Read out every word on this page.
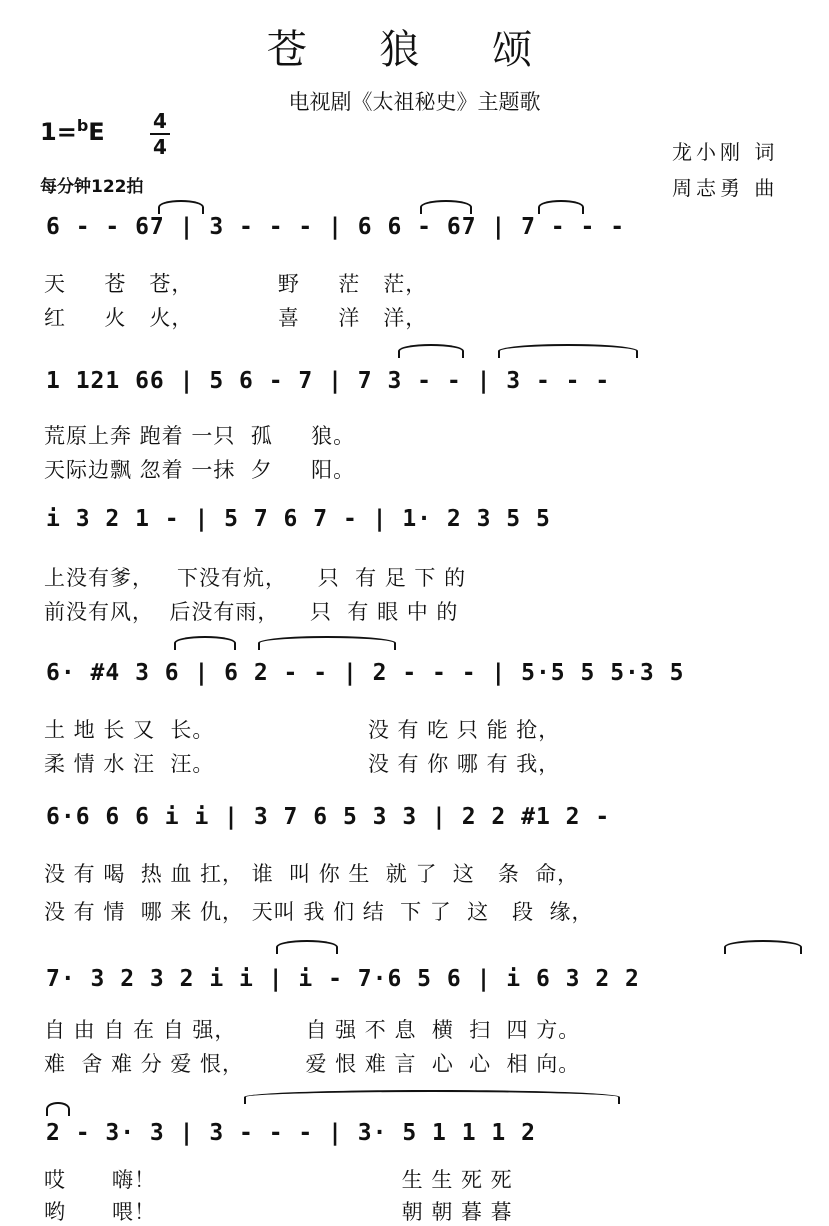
苍 狼 颂
电视剧《太祖秘史》主题歌
1=$^b$E 4
4
每分钟122拍
龙小刚 词
周志勇 曲
6 - - 67 | 3 - - - | 6 6 - 67 | 7 - - -
天     苍   苍，           野     茫   茫，
红     火   火，           喜     洋   洋，
1 121 66 | 5 6 - 7 | 7 3 - - | 3 - - -
荒原上奔 跑着 一只  孤     狼。
天际边飘 忽着 一抹  夕     阳。
i 3 2 1 - | 5 7 6 7 - | 1· 2 3 5 5
上没有爹，   下没有炕，    只  有 足 下 的
前没有风，  后没有雨，    只  有 眼 中 的
6· #4 3 6 | 6 2 - - | 2 - - - | 5·5 5 5·3 5
土 地 长 又  长。                    没 有 吃 只 能 抢，
柔 情 水 汪  汪。                    没 有 你 哪 有 我，
6·6 6 6 i i | 3 7 6 5 3 3 | 2 2 #1 2 -
没 有 喝  热 血 扛， 谁  叫 你 生  就 了  这   条  命，
没 有 情  哪 来 仇， 天叫 我 们 结  下 了  这   段  缘，
7· 3 2 3 2 i i | i - 7·6 5 6 | i 6 3 2 2
自 由 自 在 自 强，         自 强 不 息  横  扫  四 方。
难  舍 难 分 爱 恨，        爱 恨 难 言  心  心  相 向。
2 - 3· 3 | 3 - - - | 3· 5 1 1 1 2
哎      嗨！                                生 生 死 死
哟      喂！                                朝 朝 暮 暮
